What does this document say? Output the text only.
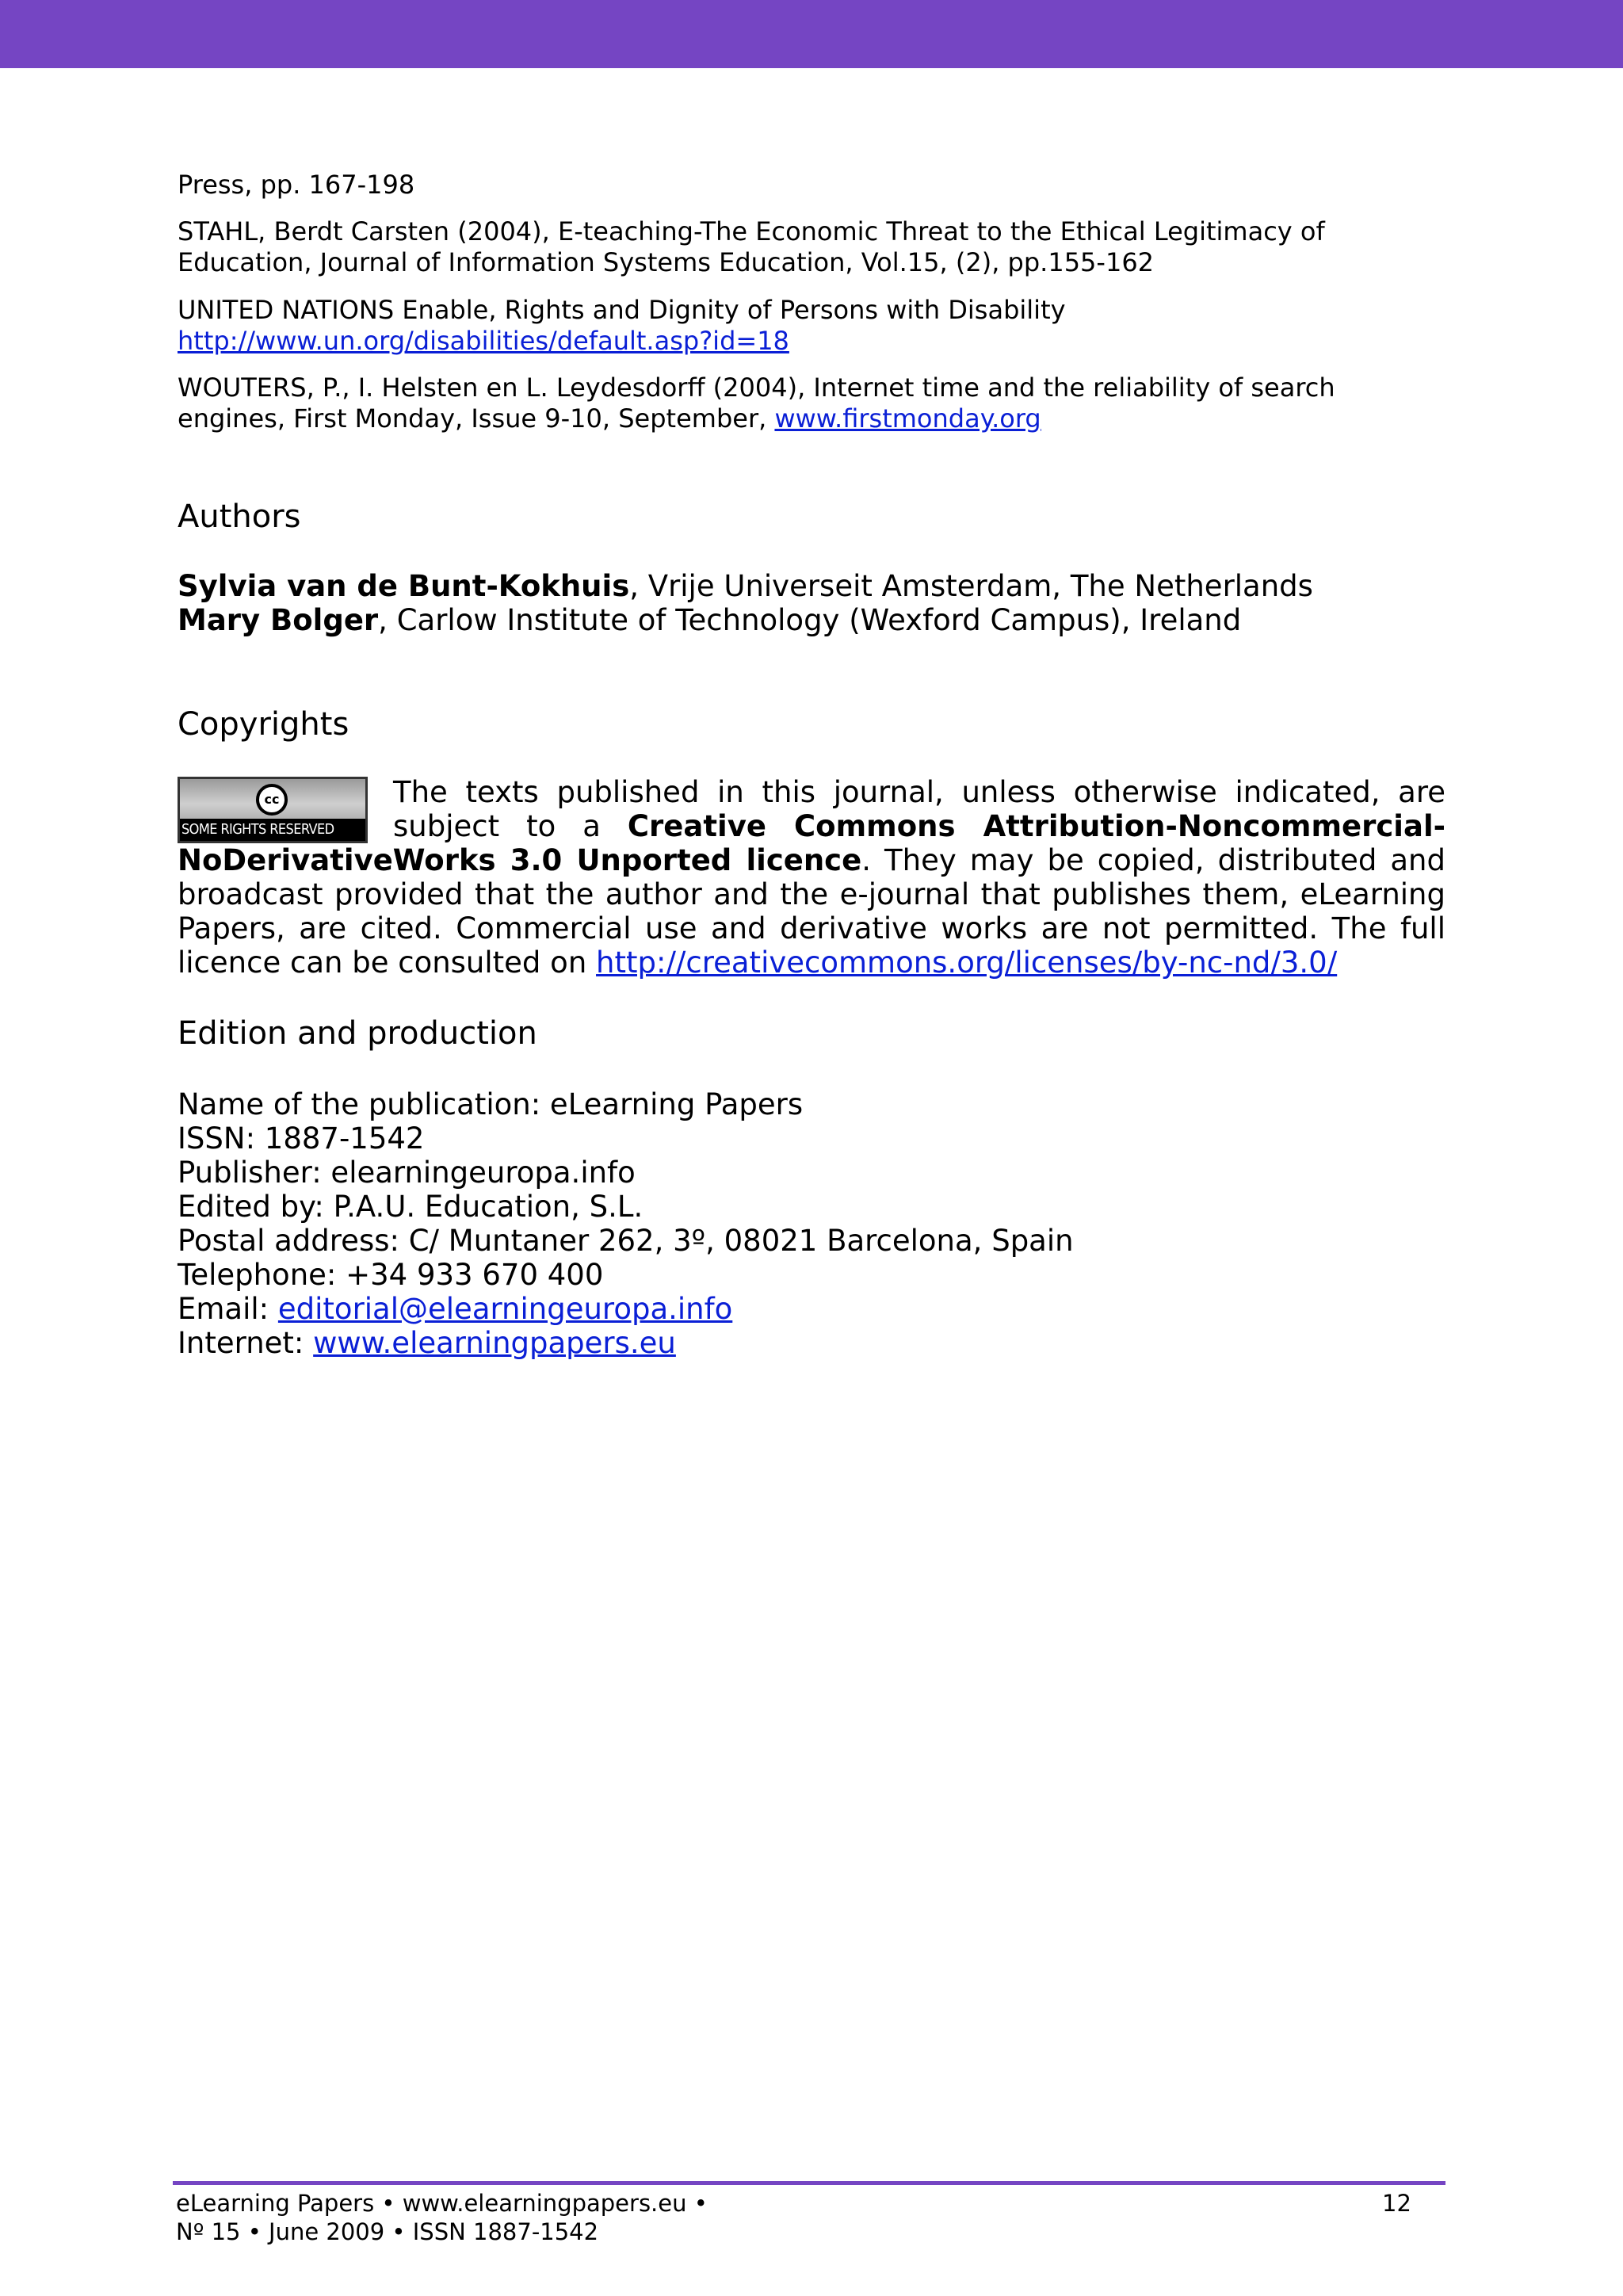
Press, pp. 167-198
STAHL, Berdt Carsten (2004), E-teaching-The Economic Threat to the Ethical Legitimacy of Education, Journal of Information Systems Education, Vol.15, (2), pp.155-162
UNITED NATIONS Enable, Rights and Dignity of Persons with Disability
http://www.un.org/disabilities/default.asp?id=18
WOUTERS, P., I. Helsten en L. Leydesdorff (2004), Internet time and the reliability of search engines, First Monday, Issue 9-10, September, www.firstmonday.org
Authors
Sylvia van de Bunt-Kokhuis, Vrije Universeit Amsterdam, The Netherlands
Mary Bolger, Carlow Institute of Technology (Wexford Campus), Ireland
Copyrights
The texts published in this journal, unless otherwise indicated, are subject to a Creative Commons Attribution-Noncommercial-NoDerivativeWorks 3.0 Unported licence. They may be copied, distributed and broadcast provided that the author and the e-journal that publishes them, eLearning Papers, are cited. Commercial use and derivative works are not permitted. The full licence can be consulted on http://creativecommons.org/licenses/by-nc-nd/3.0/
cc
SOME RIGHTS RESERVED
Edition and production
Name of the publication: eLearning Papers
ISSN: 1887-1542
Publisher: elearningeuropa.info
Edited by: P.A.U. Education, S.L.
Postal address: C/ Muntaner 262, 3º, 08021 Barcelona, Spain
Telephone: +34 933 670 400
Email: editorial@elearningeuropa.info
Internet: www.elearningpapers.eu
eLearning Papers • www.elearningpapers.eu •
Nº 15 • June 2009 • ISSN 1887-1542
12
